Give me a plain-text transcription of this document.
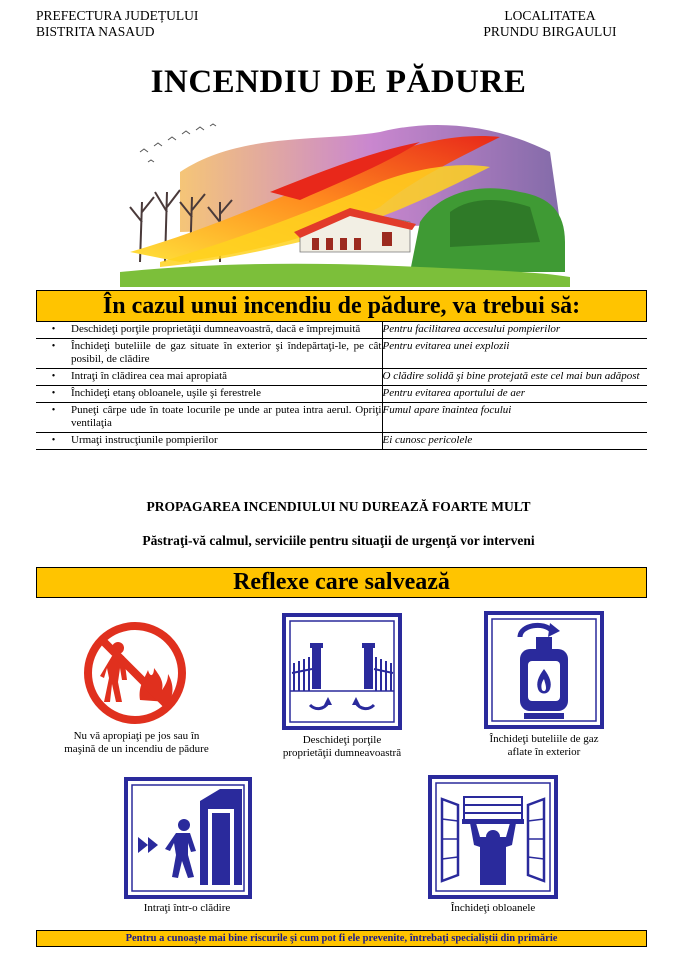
PREFECTURA JUDEȚULUI
BISTRITA NASAUD
LOCALITATEA
PRUNDU BIRGAULUI
INCENDIU DE PĂDURE
În cazul unui incendiu de pădure, va trebui să:
•	Deschideţi porţile proprietăţii dumneavoastră, dacă e împrejmuită	Pentru facilitarea accesului pompierilor
•	Închideţi buteliile de gaz situate în exterior şi îndepărtaţi-le, pe cât posibil, de clădire	Pentru evitarea unei explozii
•	Intraţi în clădirea cea mai apropiată	O clădire solidă şi bine protejată este cel mai bun adăpost
•	Închideţi etanş obloanele, uşile şi ferestrele	Pentru evitarea aportului de aer
•	Puneţi cârpe ude în toate locurile pe unde ar putea intra aerul. Opriţi ventilaţia	Fumul apare înaintea focului
•	Urmaţi instrucţiunile pompierilor	Ei cunosc pericolele
PROPAGAREA INCENDIULUI NU DUREAZĂ FOARTE MULT
Păstraţi-vă calmul, serviciile pentru situaţii de urgenţă vor interveni
Reflexe care salvează
Nu vă apropiaţi pe jos sau în
maşină de un incendiu de pădure
Deschideţi porţile
proprietăţii dumneavoastră
Închideţi buteliile de gaz
aflate în exterior
Intraţi într-o clădire	Închideţi obloanele
Pentru a cunoaşte mai bine riscurile şi cum pot fi ele prevenite, întrebaţi specialiştii din primărie
